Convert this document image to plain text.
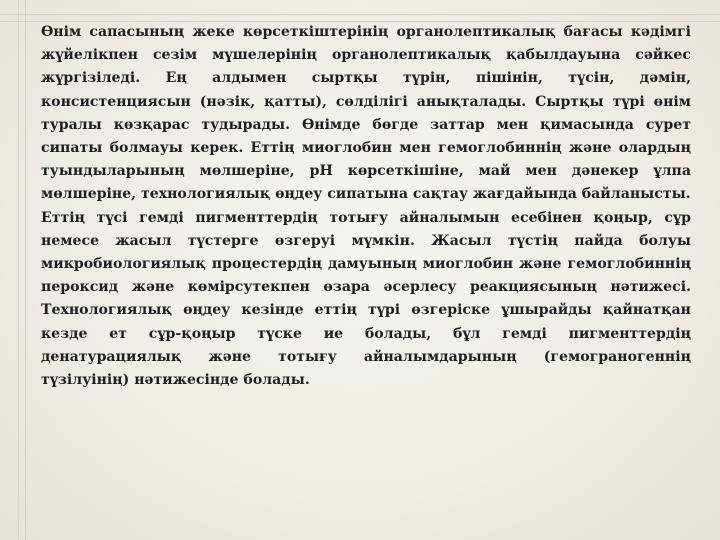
Өнім сапасының жеке көрсеткіштерінің органолептикалық бағасы кәдімгі жүйелікпен сезім мүшелерінің органолептикалық қабылдауына сәйкес жүргізіледі. Ең алдымен сыртқы түрін, пішінін, түсін, дәмін, консистенциясын (нәзік, қатты), сөлділігі анықталады. Сыртқы түрі өнім туралы көзқарас тудырады. Өнімде бөгде заттар мен қимасында сурет сипаты болмауы керек. Еттің миоглобин мен гемоглобиннің және олардың туындыларының мөлшеріне, рН көрсеткішіне, май мен дәнекер ұлпа мөлшеріне, технологиялық өңдеу сипатына сақтау жағдайында байланысты.

Еттің түсі гемді пигменттердің тотығу айналымын есебінен қоңыр, сұр немесе жасыл түстерге өзгеруі мүмкін. Жасыл түстің пайда болуы микробиологиялық процестердің дамуының миоглобин және гемоглобиннің пероксид және көмірсутекпен өзара әсерлесу реакциясының нәтижесі. Технологиялық өңдеу кезінде еттің түрі өзгеріске ұшырайды қайнатқан кезде ет сұр-қоңыр түске ие болады, бұл гемді пигменттердің денатурациялық және тотығу айналымдарының (гемограногеннің түзілуінің) нәтижесінде болады.
